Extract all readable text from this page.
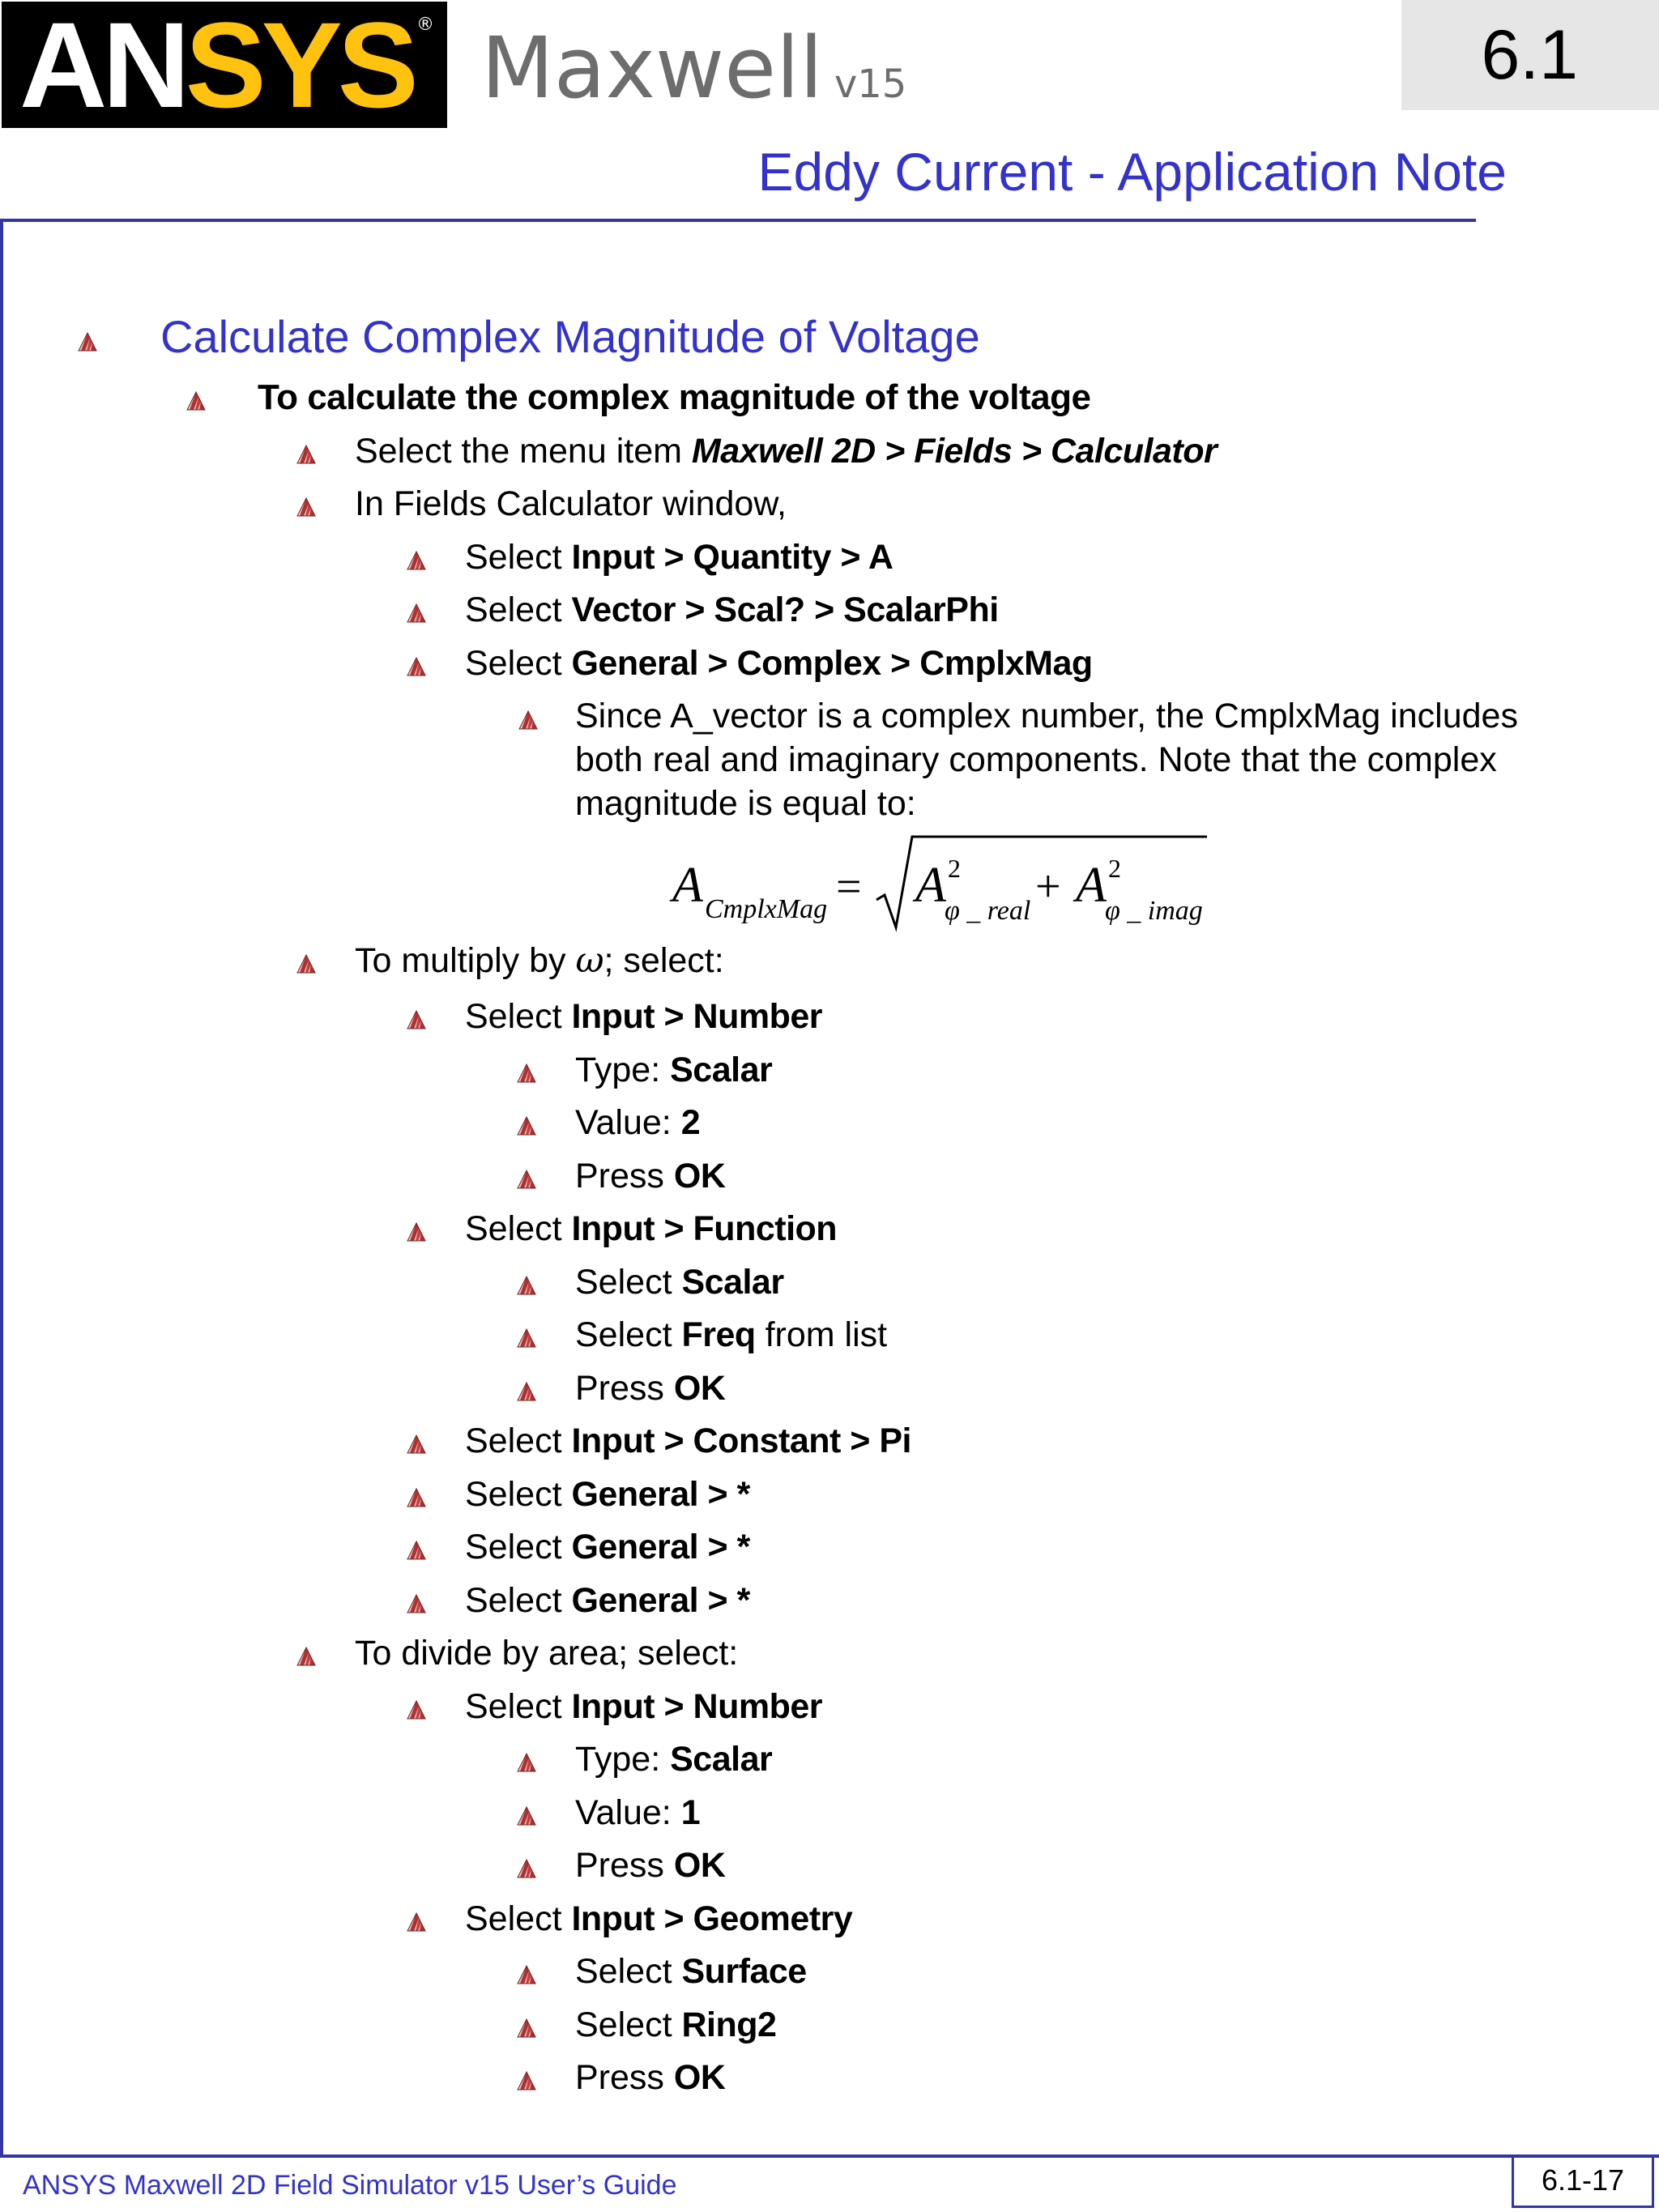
ANSYS ® Maxwell v15	6.1
Eddy Current - Application Note
Calculate Complex Magnitude of Voltage
To calculate the complex magnitude of the voltage
Select the menu item Maxwell 2D > Fields > Calculator
In Fields Calculator window,
Select Input > Quantity > A
Select Vector > Scal? > ScalarPhi
Select General > Complex > CmplxMag
Since A_vector is a complex number, the CmplxMag includes
both real and imaginary components. Note that the complex
magnitude is equal to:
A CmplxMag = A 2
φ _ real + A 2
φ _ imag
To multiply by ω; select:
Select Input > Number
Type: Scalar
Value: 2
Press OK
Select Input > Function
Select Scalar
Select Freq from list
Press OK
Select Input > Constant > Pi
Select General > *
Select General > *
Select General > *
To divide by area; select:
Select Input > Number
Type: Scalar
Value: 1
Press OK
Select Input > Geometry
Select Surface
Select Ring2
Press OK
ANSYS Maxwell 2D Field Simulator v15 User’s Guide	6.1-17
